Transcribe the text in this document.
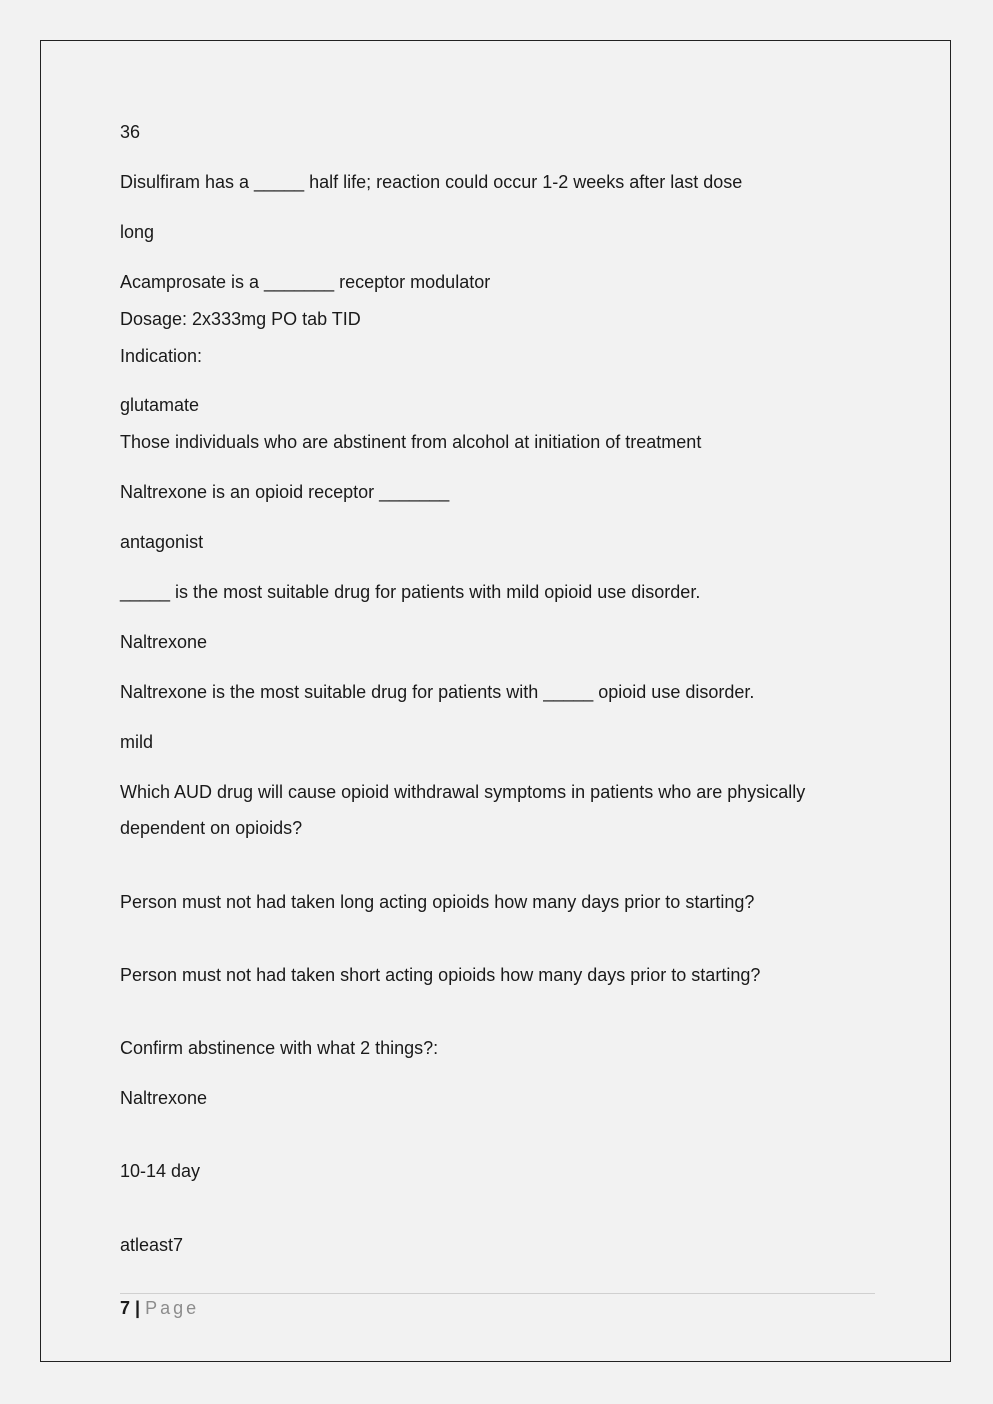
36
Disulfiram has a _____ half life; reaction could occur 1-2 weeks after last dose
long
Acamprosate is a _______ receptor modulator
Dosage: 2x333mg PO tab TID
Indication:
glutamate
Those individuals who are abstinent from alcohol at initiation of treatment
Naltrexone is an opioid receptor _______
antagonist
_____ is the most suitable drug for patients with mild opioid use disorder.
Naltrexone
Naltrexone is the most suitable drug for patients with _____ opioid use disorder.
mild
Which AUD drug will cause opioid withdrawal symptoms in patients who are physically dependent on opioids?
Person must not had taken long acting opioids how many days prior to starting?
Person must not had taken short acting opioids how many days prior to starting?
Confirm abstinence with what 2 things?:
Naltrexone
10-14 day
atleast7
7 | Page
